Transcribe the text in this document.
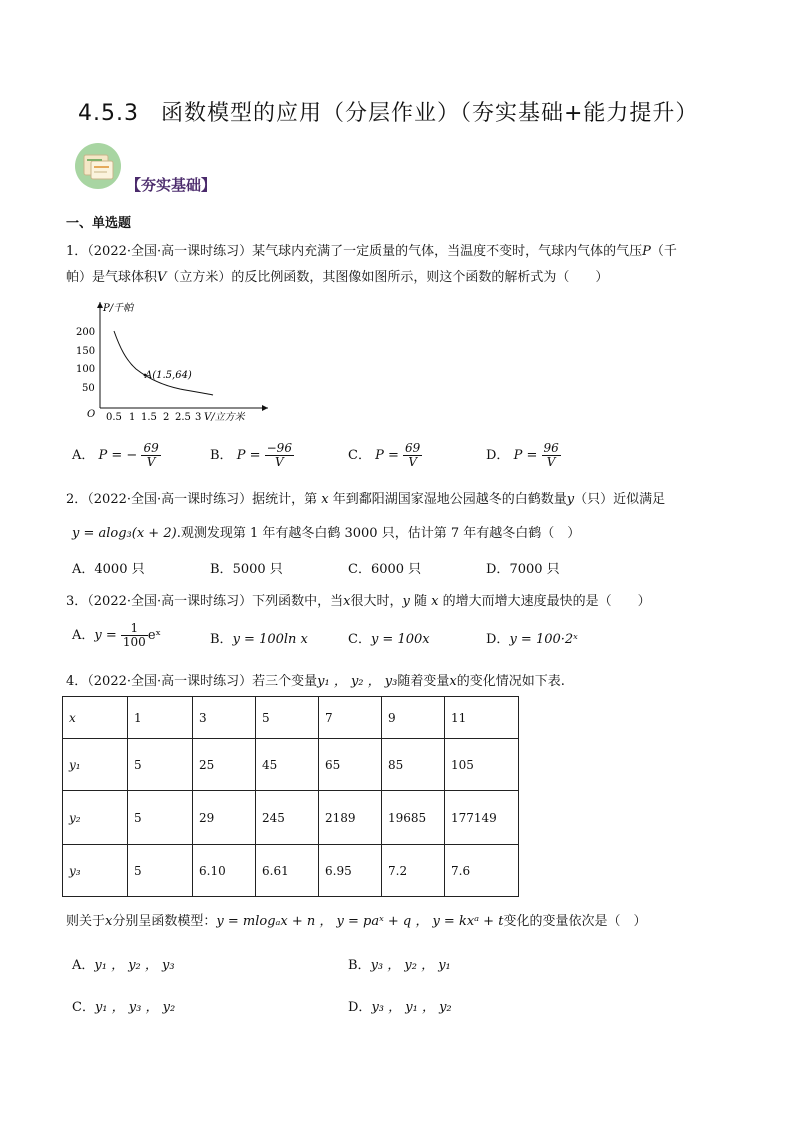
4.5.3 函数模型的应用（分层作业）（夯实基础+能力提升）
【夯实基础】
一、单选题
1．（2022·全国·高一课时练习）某气球内充满了一定质量的气体，当温度不变时，气球内气体的气压P（千
帕）是气球体积V（立方米）的反比例函数，其图像如图所示，则这个函数的解析式为（　　）
P/千帕
O
200
150
100
50
0.5 1 1.5 2 2.5 3 V/立方米
A(1.5,64)
A． P = − $\frac{69}{V}$	B． $P = \frac{-96}{V}$	C． $P = \frac{69}{V}$	D． $P = \frac{96}{V}$
2．（2022·全国·高一课时练习）据统计，第 x 年到鄱阳湖国家湿地公园越冬的白鹤数量y（只）近似满足
y = alog₃(x + 2).观测发现第 1 年有越冬白鹤 3000 只，估计第 7 年有越冬白鹤（　）
A．4000 只	B．5000 只	C．6000 只	D．7000 只
3．（2022·全国·高一课时练习）下列函数中，当x很大时，y 随 x 的增大而增大速度最快的是（　　）
A．$y = \frac{1}{100}$ eˣ	B．y = 100ln x	C．y = 100x	D．y = 100·2ˣ
4．（2022·全国·高一课时练习）若三个变量y₁ ， y₂ ， y₃随着变量x的变化情况如下表.
x	1	3	5	7	9	11
y₁	5	25	45	65	85	105
y₂	5	29	245	2189	19685	177149
y₃	5	6.10	6.61	6.95	7.2	7.6
则关于x分别呈函数模型：y = mlogₐx + n ， y = paˣ + q ， y = kxᵃ + t变化的变量依次是（　）
A．y₁ ， y₂ ， y₃	B．y₃ ， y₂ ， y₁
C．y₁ ， y₃ ， y₂	D．y₃ ， y₁ ， y₂
